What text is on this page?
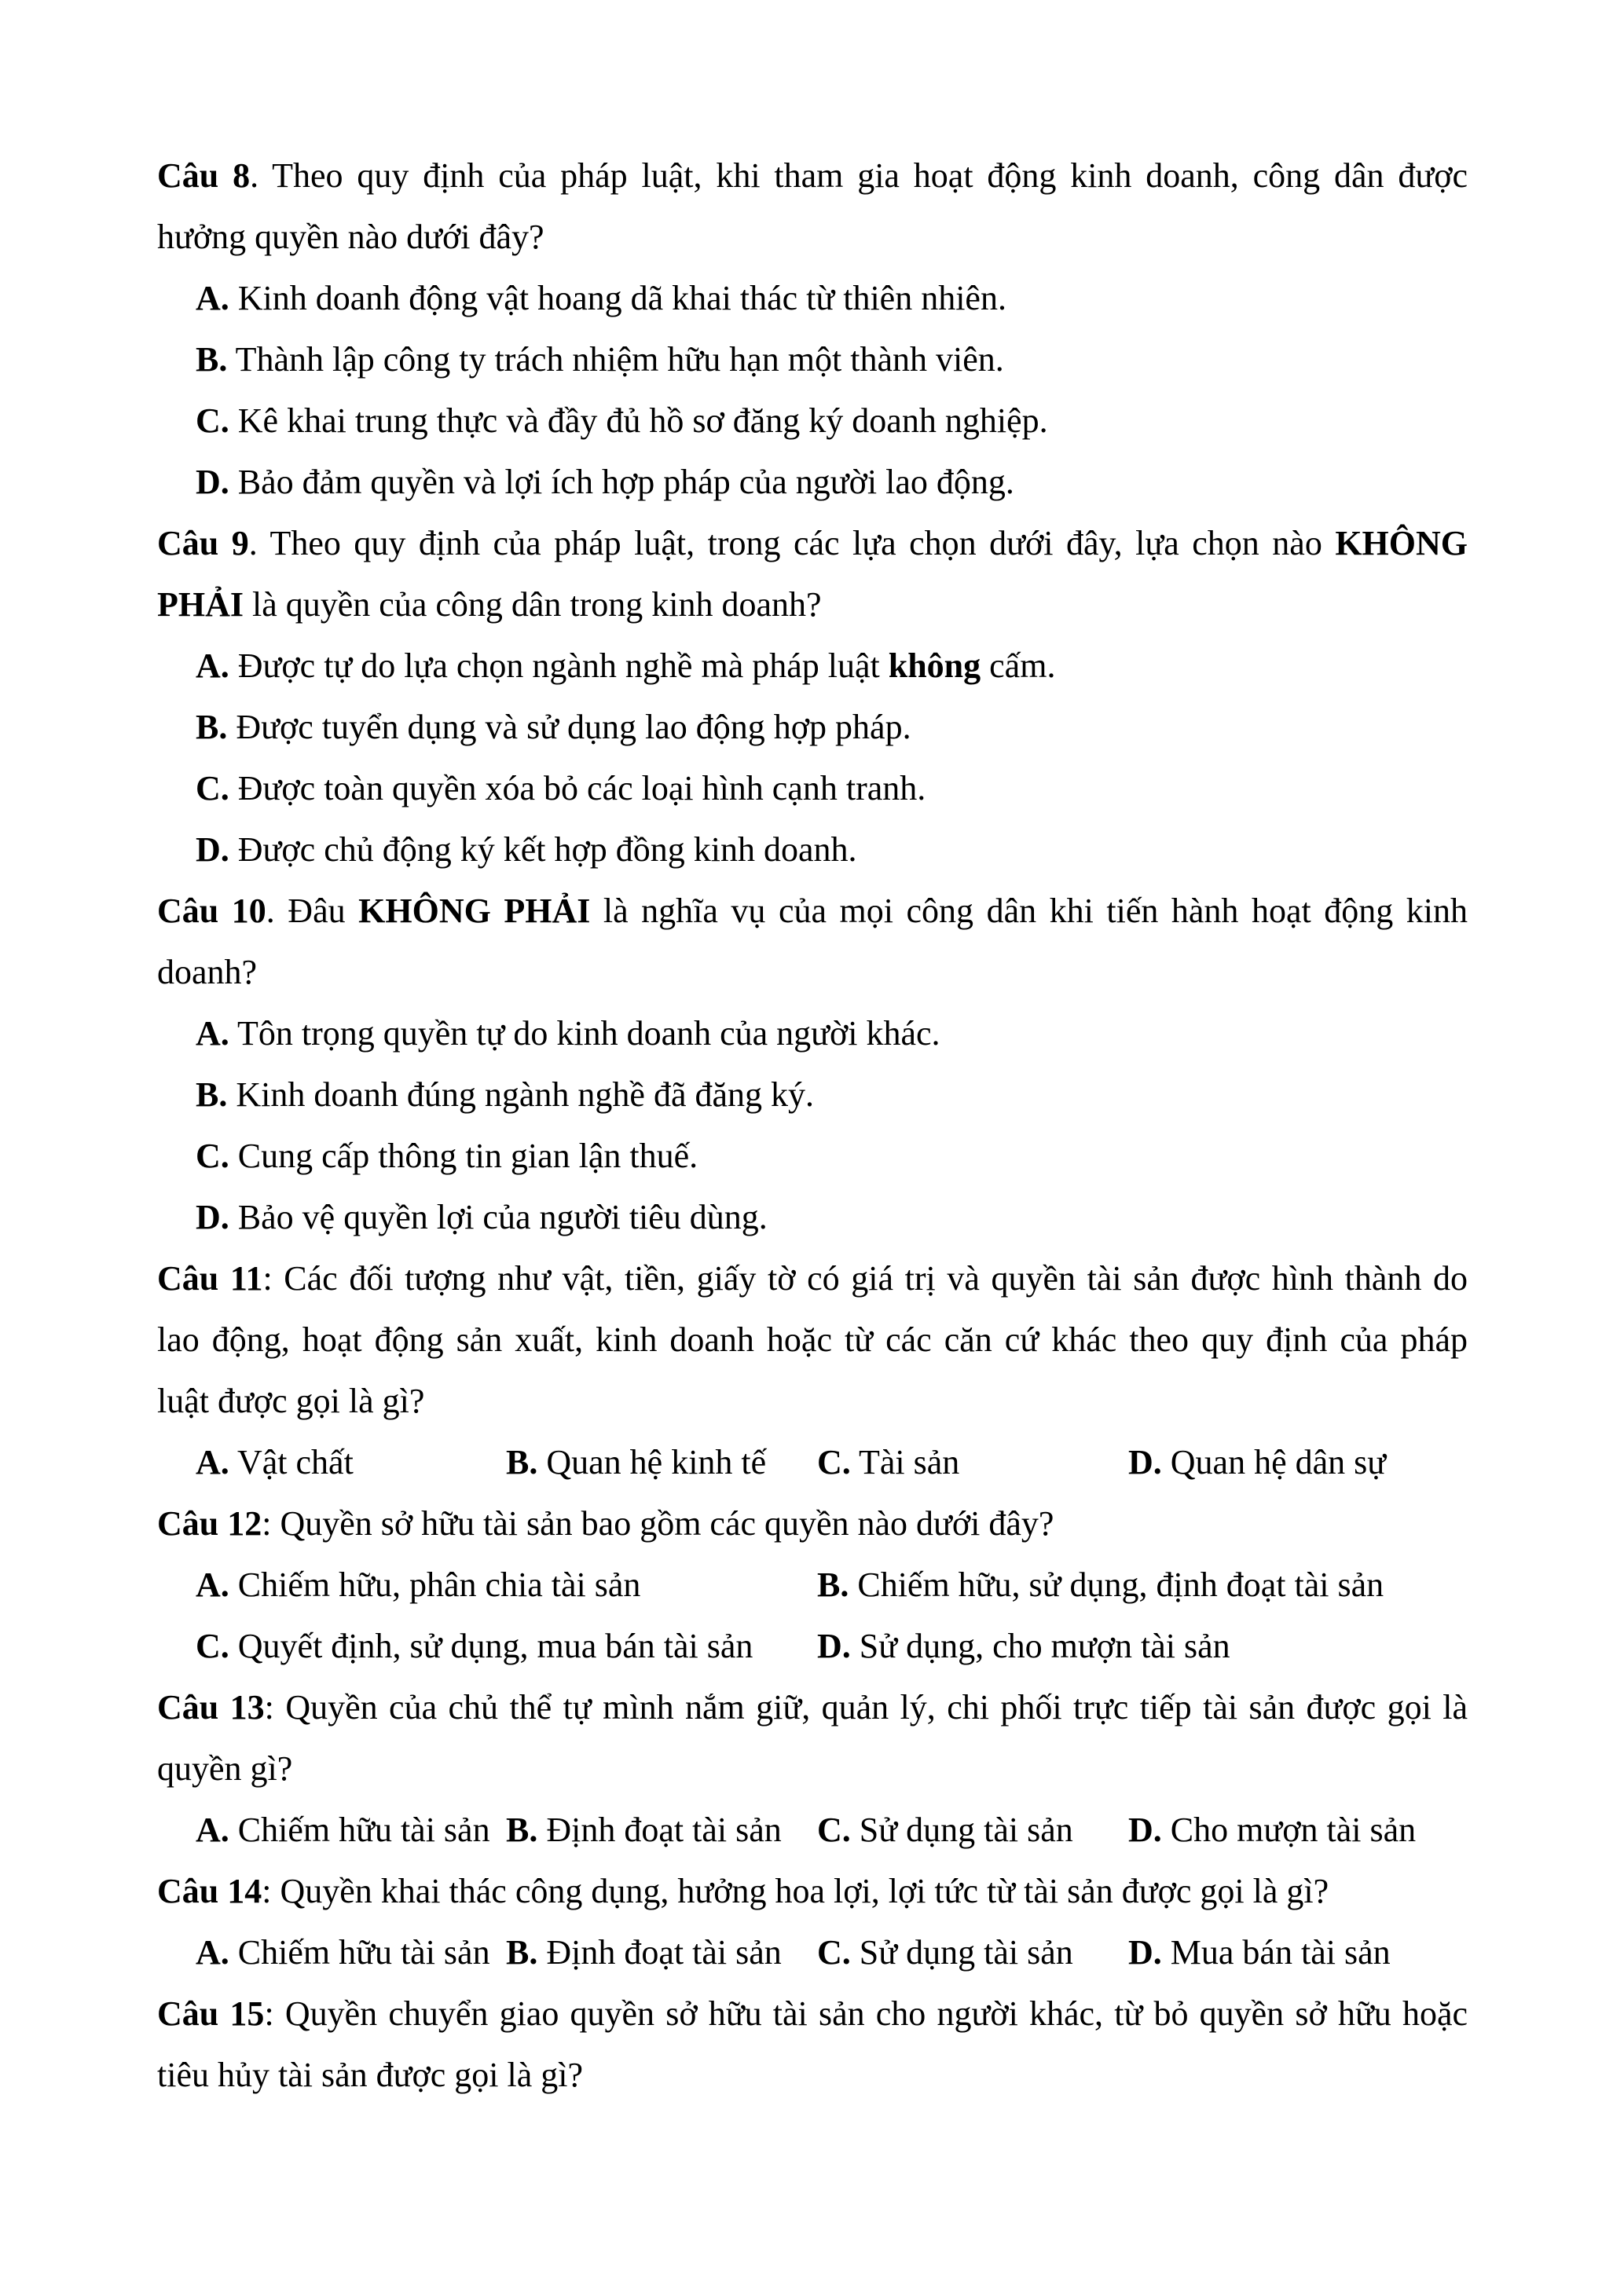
Câu 8. Theo quy định của pháp luật, khi tham gia hoạt động kinh doanh, công dân được
hưởng quyền nào dưới đây?
A. Kinh doanh động vật hoang dã khai thác từ thiên nhiên.
B. Thành lập công ty trách nhiệm hữu hạn một thành viên.
C. Kê khai trung thực và đầy đủ hồ sơ đăng ký doanh nghiệp.
D. Bảo đảm quyền và lợi ích hợp pháp của người lao động.
Câu 9. Theo quy định của pháp luật, trong các lựa chọn dưới đây, lựa chọn nào KHÔNG
PHẢI là quyền của công dân trong kinh doanh?
A. Được tự do lựa chọn ngành nghề mà pháp luật không cấm.
B. Được tuyển dụng và sử dụng lao động hợp pháp.
C. Được toàn quyền xóa bỏ các loại hình cạnh tranh.
D. Được chủ động ký kết hợp đồng kinh doanh.
Câu 10. Đâu KHÔNG PHẢI là nghĩa vụ của mọi công dân khi tiến hành hoạt động kinh
doanh?
A. Tôn trọng quyền tự do kinh doanh của người khác.
B. Kinh doanh đúng ngành nghề đã đăng ký.
C. Cung cấp thông tin gian lận thuế.
D. Bảo vệ quyền lợi của người tiêu dùng.
Câu 11: Các đối tượng như vật, tiền, giấy tờ có giá trị và quyền tài sản được hình thành do
lao động, hoạt động sản xuất, kinh doanh hoặc từ các căn cứ khác theo quy định của pháp
luật được gọi là gì?
A. Vật chất	B. Quan hệ kinh tế C. Tài sản	D. Quan hệ dân sự
Câu 12: Quyền sở hữu tài sản bao gồm các quyền nào dưới đây?
A. Chiếm hữu, phân chia tài sản	B. Chiếm hữu, sử dụng, định đoạt tài sản
C. Quyết định, sử dụng, mua bán tài sản D. Sử dụng, cho mượn tài sản
Câu 13: Quyền của chủ thể tự mình nắm giữ, quản lý, chi phối trực tiếp tài sản được gọi là
quyền gì?
A. Chiếm hữu tài sản B. Định đoạt tài sản C. Sử dụng tài sản D. Cho mượn tài sản
Câu 14: Quyền khai thác công dụng, hưởng hoa lợi, lợi tức từ tài sản được gọi là gì?
A. Chiếm hữu tài sản B. Định đoạt tài sản C. Sử dụng tài sản D. Mua bán tài sản
Câu 15: Quyền chuyển giao quyền sở hữu tài sản cho người khác, từ bỏ quyền sở hữu hoặc
tiêu hủy tài sản được gọi là gì?
